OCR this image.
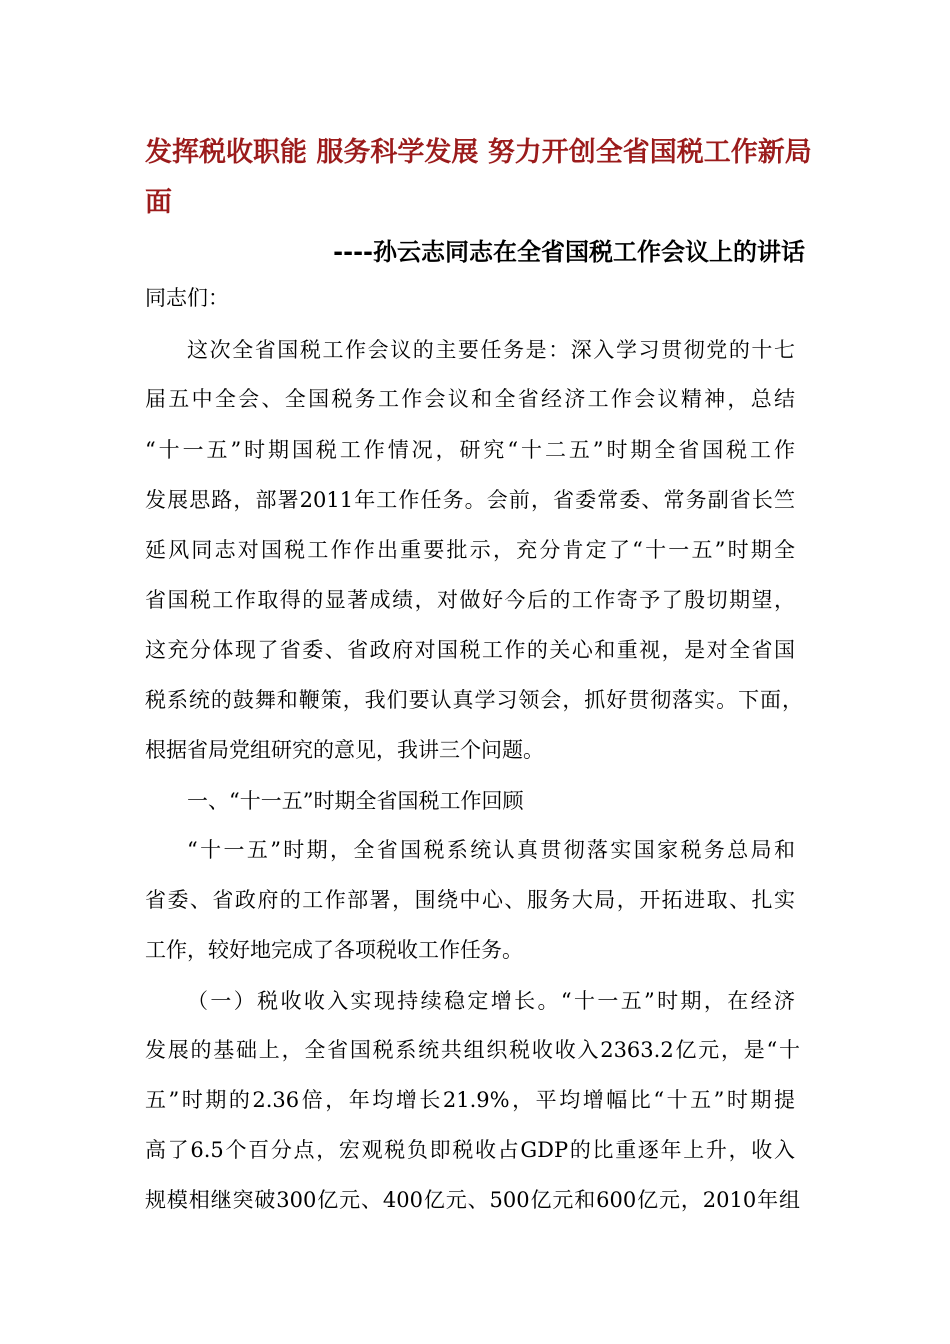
发挥税收职能 服务科学发展 努力开创全省国税工作新局面
----孙云志同志在全省国税工作会议上的讲话

同志们：

这次全省国税工作会议的主要任务是：深入学习贯彻党的十七

届五中全会、全国税务工作会议和全省经济工作会议精神，总结

“十一五”时期国税工作情况，研究“十二五”时期全省国税工作

发展思路，部署2011年工作任务。会前，省委常委、常务副省长竺

延风同志对国税工作作出重要批示，充分肯定了“十一五”时期全

省国税工作取得的显著成绩，对做好今后的工作寄予了殷切期望，

这充分体现了省委、省政府对国税工作的关心和重视，是对全省国

税系统的鼓舞和鞭策，我们要认真学习领会，抓好贯彻落实。下面，

根据省局党组研究的意见，我讲三个问题。

一、“十一五”时期全省国税工作回顾

“十一五”时期，全省国税系统认真贯彻落实国家税务总局和

省委、省政府的工作部署，围绕中心、服务大局，开拓进取、扎实

工作，较好地完成了各项税收工作任务。

（一）税收收入实现持续稳定增长。“十一五”时期，在经济

发展的基础上，全省国税系统共组织税收收入2363.2亿元，是“十

五”时期的2.36倍，年均增长21.9%，平均增幅比“十五”时期提

高了6.5个百分点，宏观税负即税收占GDP的比重逐年上升，收入

规模相继突破300亿元、400亿元、500亿元和600亿元，2010年组
